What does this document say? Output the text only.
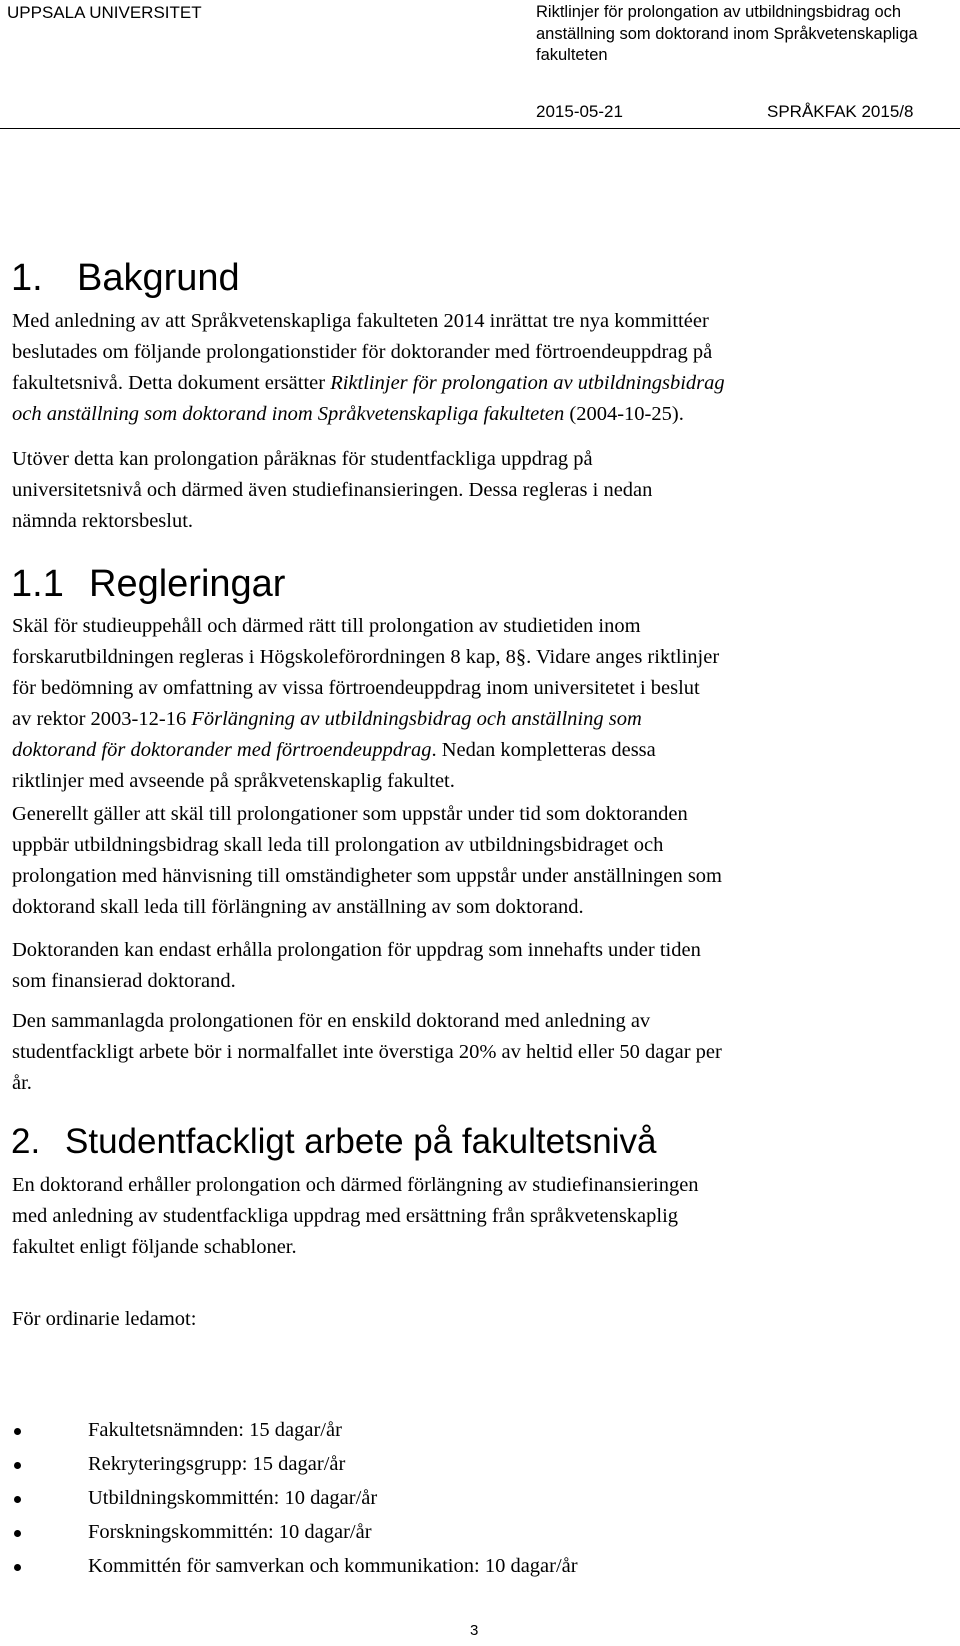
UPPSALA UNIVERSITET	Riktlinjer för prolongation av utbildningsbidrag och
anställning som doktorand inom Språkvetenskapliga
fakulteten
2015-05-21	SPRÅKFAK 2015/8
1. Bakgrund
Med anledning av att Språkvetenskapliga fakulteten 2014 inrättat tre nya kommittéer
beslutades om följande prolongationstider för doktorander med förtroendeuppdrag på
fakultetsnivå. Detta dokument ersätter Riktlinjer för prolongation av utbildningsbidrag
och anställning som doktorand inom Språkvetenskapliga fakulteten (2004-10-25).
Utöver detta kan prolongation påräknas för studentfackliga uppdrag på
universitetsnivå och därmed även studiefinansieringen. Dessa regleras i nedan
nämnda rektorsbeslut.
1.1 Regleringar
Skäl för studieuppehåll och därmed rätt till prolongation av studietiden inom
forskarutbildningen regleras i Högskoleförordningen 8 kap, 8§. Vidare anges riktlinjer
för bedömning av omfattning av vissa förtroendeuppdrag inom universitetet i beslut
av rektor 2003-12-16 Förlängning av utbildningsbidrag och anställning som
doktorand för doktorander med förtroendeuppdrag. Nedan kompletteras dessa
riktlinjer med avseende på språkvetenskaplig fakultet.
Generellt gäller att skäl till prolongationer som uppstår under tid som doktoranden
uppbär utbildningsbidrag skall leda till prolongation av utbildningsbidraget och
prolongation med hänvisning till omständigheter som uppstår under anställningen som
doktorand skall leda till förlängning av anställning av som doktorand.
Doktoranden kan endast erhålla prolongation för uppdrag som innehafts under tiden
som finansierad doktorand.
Den sammanlagda prolongationen för en enskild doktorand med anledning av
studentfackligt arbete bör i normalfallet inte överstiga 20% av heltid eller 50 dagar per
år.
2. Studentfackligt arbete på fakultetsnivå
En doktorand erhåller prolongation och därmed förlängning av studiefinansieringen
med anledning av studentfackliga uppdrag med ersättning från språkvetenskaplig
fakultet enligt följande schabloner.
För ordinarie ledamot:
Fakultetsnämnden: 15 dagar/år
Rekryteringsgrupp: 15 dagar/år
Utbildningskommittén: 10 dagar/år
Forskningskommittén: 10 dagar/år
Kommittén för samverkan och kommunikation: 10 dagar/år
3
